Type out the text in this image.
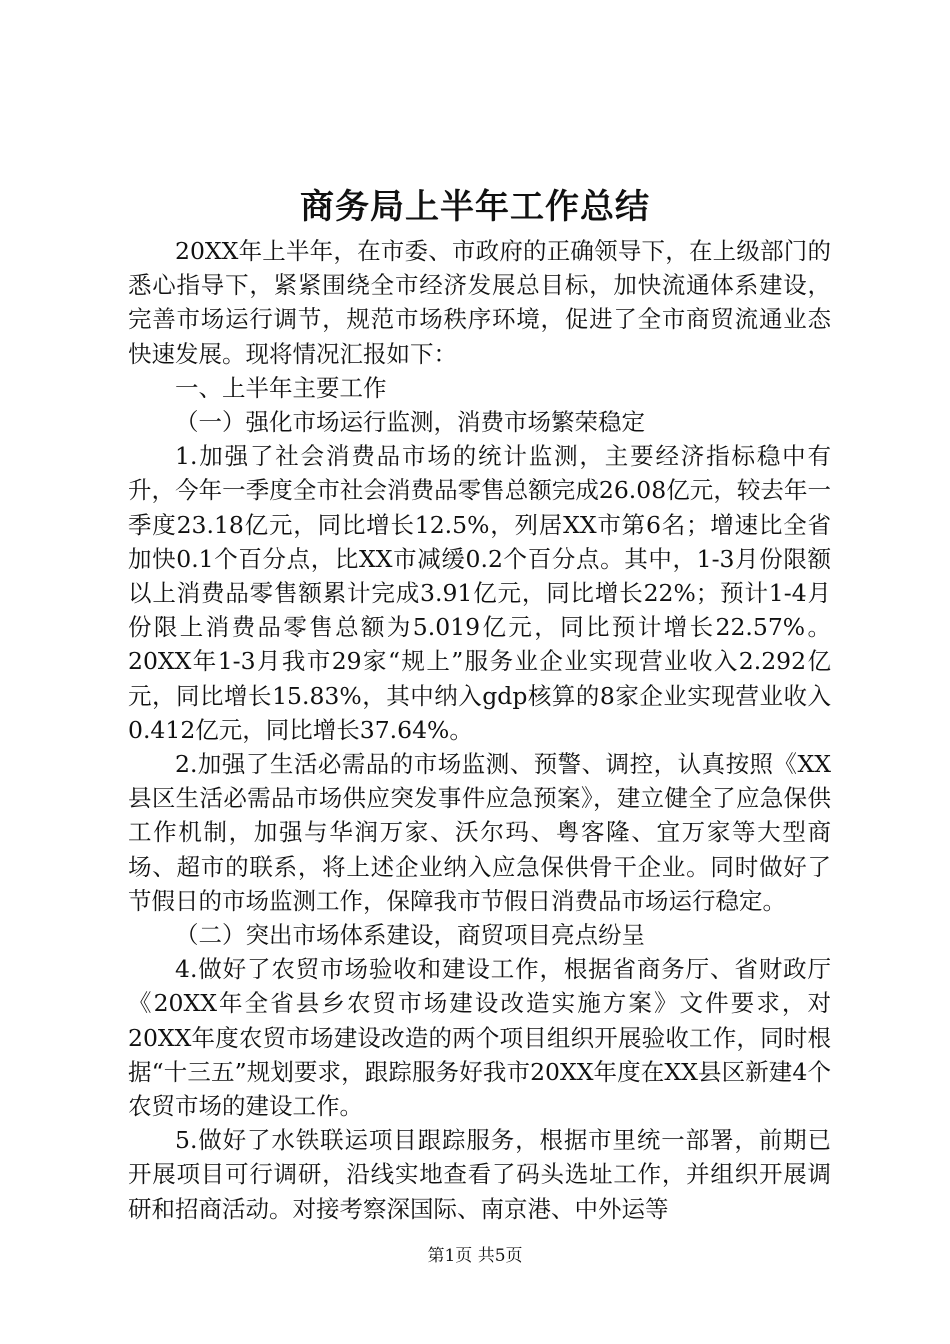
商务局上半年工作总结

20XX年上半年，在市委、市政府的正确领导下，在上级部门的悉心指导下，紧紧围绕全市经济发展总目标，加快流通体系建设，完善市场运行调节，规范市场秩序环境，促进了全市商贸流通业态快速发展。现将情况汇报如下：

一、上半年主要工作

（一）强化市场运行监测，消费市场繁荣稳定

1.加强了社会消费品市场的统计监测，主要经济指标稳中有升，今年一季度全市社会消费品零售总额完成26.08亿元，较去年一季度23.18亿元，同比增长12.5%，列居XX市第6名；增速比全省加快0.1个百分点，比XX市减缓0.2个百分点。其中，1-3月份限额以上消费品零售额累计完成3.91亿元，同比增长22%；预计1-4月份限上消费品零售总额为5.019亿元，同比预计增长22.57%。20XX年1-3月我市29家“规上”服务业企业实现营业收入2.292亿元，同比增长15.83%，其中纳入gdp核算的8家企业实现营业收入0.412亿元，同比增长37.64%。

2.加强了生活必需品的市场监测、预警、调控，认真按照《XX县区生活必需品市场供应突发事件应急预案》，建立健全了应急保供工作机制，加强与华润万家、沃尔玛、粤客隆、宜万家等大型商场、超市的联系，将上述企业纳入应急保供骨干企业。同时做好了节假日的市场监测工作，保障我市节假日消费品市场运行稳定。

（二）突出市场体系建设，商贸项目亮点纷呈

4.做好了农贸市场验收和建设工作，根据省商务厅、省财政厅《20XX年全省县乡农贸市场建设改造实施方案》文件要求，对20XX年度农贸市场建设改造的两个项目组织开展验收工作，同时根据“十三五”规划要求，跟踪服务好我市20XX年度在XX县区新建4个农贸市场的建设工作。

5.做好了水铁联运项目跟踪服务，根据市里统一部署，前期已开展项目可行调研，沿线实地查看了码头选址工作，并组织开展调研和招商活动。对接考察深国际、南京港、中外运等

第1页 共5页
